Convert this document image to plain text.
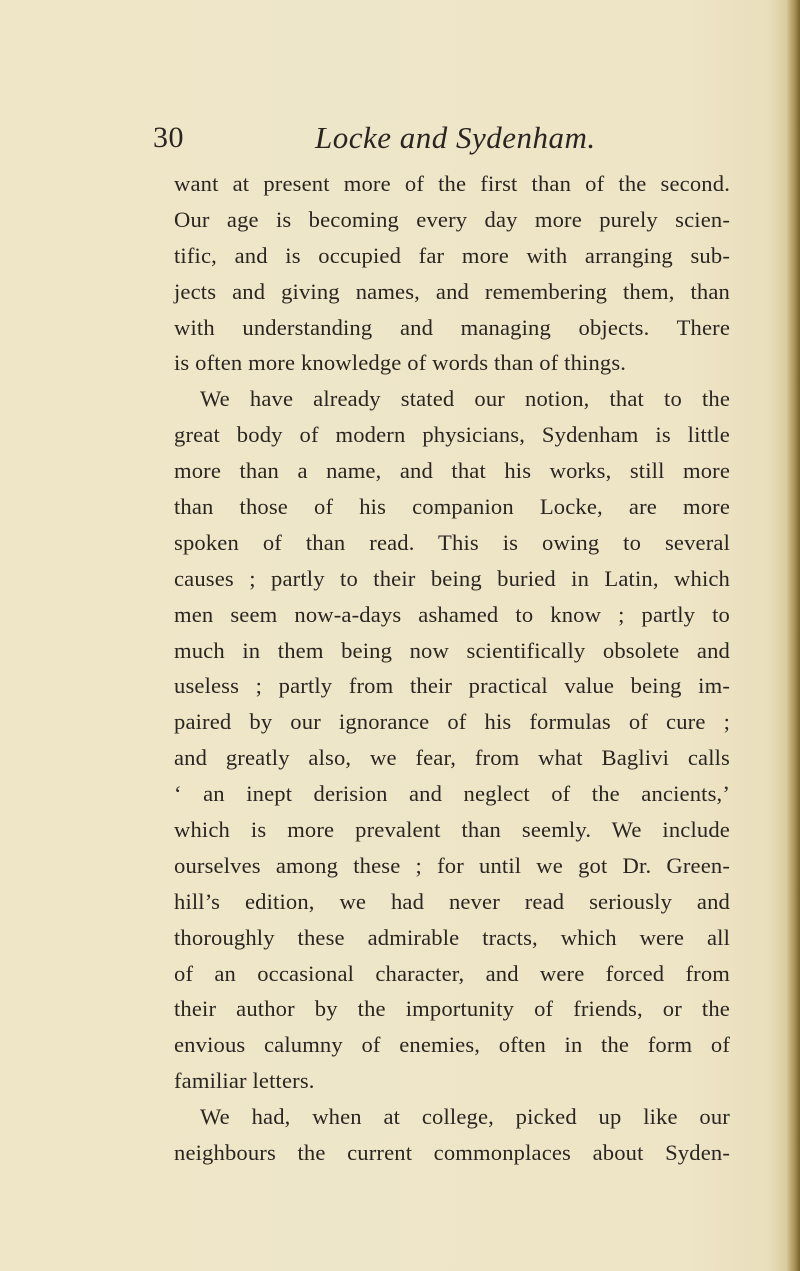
30	Locke and Sydenham.
want at present more of the first than of the second.
Our age is becoming every day more purely scien-
tific, and is occupied far more with arranging sub-
jects and giving names, and remembering them, than
with understanding and managing objects. There
is often more knowledge of words than of things.
We have already stated our notion, that to the
great body of modern physicians, Sydenham is little
more than a name, and that his works, still more
than those of his companion Locke, are more
spoken of than read. This is owing to several
causes ; partly to their being buried in Latin, which
men seem now-a-days ashamed to know ; partly to
much in them being now scientifically obsolete and
useless ; partly from their practical value being im-
paired by our ignorance of his formulas of cure ;
and greatly also, we fear, from what Baglivi calls
‘ an inept derision and neglect of the ancients,’
which is more prevalent than seemly. We include
ourselves among these ; for until we got Dr. Green-
hill’s edition, we had never read seriously and
thoroughly these admirable tracts, which were all
of an occasional character, and were forced from
their author by the importunity of friends, or the
envious calumny of enemies, often in the form of
familiar letters.
We had, when at college, picked up like our
neighbours the current commonplaces about Syden-
